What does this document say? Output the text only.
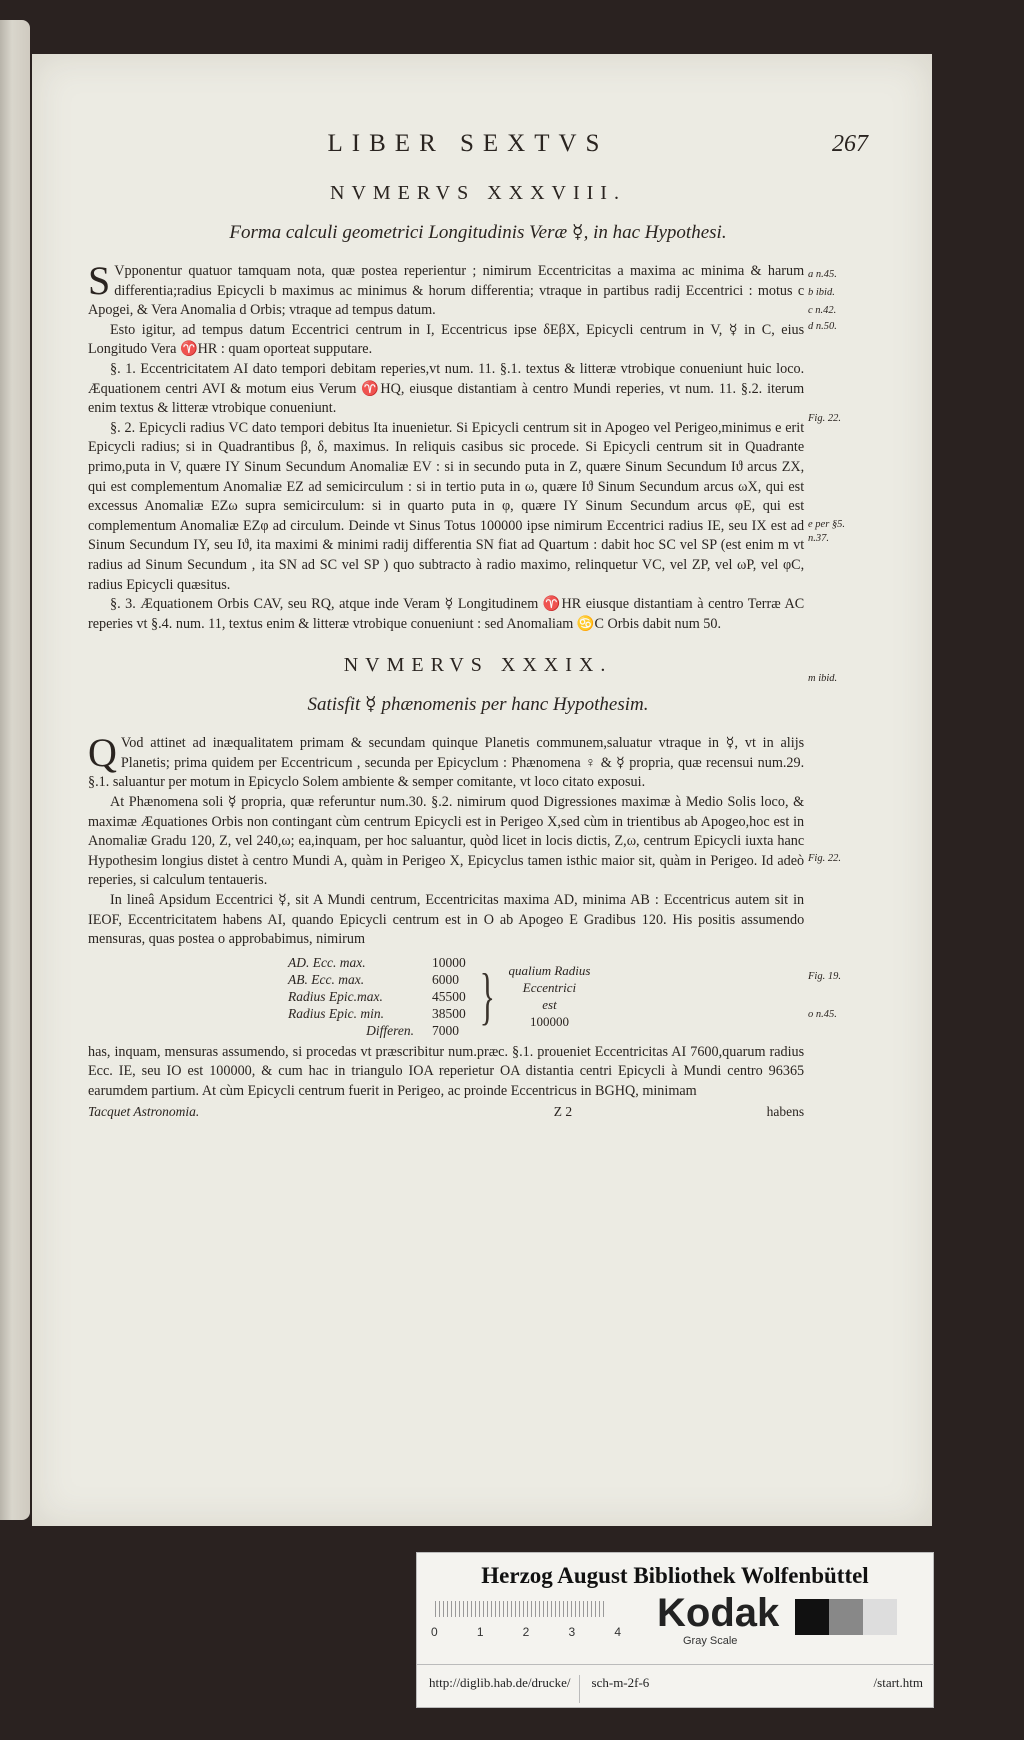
LIBER SEXTVS	267
NVMERVS XXXVIII.
Forma calculi geometrici Longitudinis Veræ ☿, in hac Hypothesi.

S Vpponentur quatuor tamquam nota, quæ postea reperientur ; nimirum Eccentricitas a maxima ac minima & harum differentia;radius Epicycli b maximus ac minimus & horum differentia; vtraque in partibus radij Eccentrici : motus c Apogei, & Vera Anomalia d Orbis; vtraque ad tempus datum.

Esto igitur, ad tempus datum Eccentrici centrum in I, Eccentricus ipse δEβX, Epicycli centrum in V, ☿ in C, eius Longitudo Vera ♈HR : quam oporteat supputare.

§. 1. Eccentricitatem AI dato tempori debitam reperies,vt num. 11. §.1. textus & litteræ vtrobique conueniunt huic loco. Æquationem centri AVI & motum eius Verum ♈HQ, eiusque distantiam à centro Mundi reperies, vt num. 11. §.2. iterum enim textus & litteræ vtrobique conueniunt.

§. 2. Epicycli radius VC dato tempori debitus Ita inuenietur. Si Epicycli centrum sit in Apogeo vel Perigeo,minimus e erit Epicycli radius; si in Quadrantibus β, δ, maximus. In reliquis casibus sic procede. Si Epicycli centrum sit in Quadrante primo,puta in V, quære IY Sinum Secundum Anomaliæ EV : si in secundo puta in Z, quære Sinum Secundum Iϑ arcus ZX, qui est complementum Anomaliæ EZ ad semicirculum : si in tertio puta in ω, quære Iϑ Sinum Secundum arcus ωX, qui est excessus Anomaliæ EZω supra semicirculum: si in quarto puta in φ, quære IY Sinum Secundum arcus φE, qui est complementum Anomaliæ EZφ ad circulum. Deinde vt Sinus Totus 100000 ipse nimirum Eccentrici radius IE, seu IX est ad Sinum Secundum IY, seu Iϑ, ita maximi & minimi radij differentia SN fiat ad Quartum : dabit hoc SC vel SP (est enim m vt radius ad Sinum Secundum , ita SN ad SC vel SP ) quo subtracto à radio maximo, relinquetur VC, vel ZP, vel ωP, vel φC, radius Epicycli quæsitus.

§. 3. Æquationem Orbis CAV, seu RQ, atque inde Veram ☿ Longitudinem ♈HR eiusque distantiam à centro Terræ AC reperies vt §.4. num. 11, textus enim & litteræ vtrobique conueniunt : sed Anomaliam ♋C Orbis dabit num 50.

a n.45.
b ibid.
c n.42.
d n.50.
Fig. 22.
e per §5. n.37.
m ibid.
NVMERVS XXXIX.
Satisfit ☿ phænomenis per hanc Hypothesim.

Q Vod attinet ad inæqualitatem primam & secundam quinque Planetis communem,saluatur vtraque in ☿, vt in alijs Planetis; prima quidem per Eccentricum , secunda per Epicyclum : Phænomena ♀ & ☿ propria, quæ recensui num.29. §.1. saluantur per motum in Epicyclo Solem ambiente & semper comitante, vt loco citato exposui.

At Phænomena soli ☿ propria, quæ referuntur num.30. §.2. nimirum quod Digressiones maximæ à Medio Solis loco, & maximæ Æquationes Orbis non contingant cùm centrum Epicycli est in Perigeo X,sed cùm in trientibus ab Apogeo,hoc est in Anomaliæ Gradu 120, Z, vel 240,ω; ea,inquam, per hoc saluantur, quòd licet in locis dictis, Z,ω, centrum Epicycli iuxta hanc Hypothesim longius distet à centro Mundi A, quàm in Perigeo X, Epicyclus tamen isthic maior sit, quàm in Perigeo. Id adeò reperies, si calculum tentaueris.

In lineâ Apsidum Eccentrici ☿, sit A Mundi centrum, Eccentricitas maxima AD, minima AB : Eccentricus autem sit in IEOF, Eccentricitatem habens AI, quando Epicycli centrum est in O ab Apogeo E Gradibus 120. His positis assumendo mensuras, quas postea o approbabimus, nimirum

AD. Ecc. max.	10000
AB. Ecc. max.	6000
Radius Epic.max.	45500
Radius Epic. min.	38500
Differen.	7000 } qualium Radius
Eccentrici
est
100000

has, inquam, mensuras assumendo, si procedas vt præscribitur num.præc. §.1. proueniet Eccentricitas AI 7600,quarum radius Ecc. IE, seu IO est 100000, & cum hac in triangulo IOA reperietur OA distantia centri Epicycli à Mundi centro 96365 earumdem partium. At cùm Epicycli centrum fuerit in Perigeo, ac proinde Eccentricus in BGHQ, minimam

Tacquet Astronomia.	Z 2	habens
Fig. 22.
Fig. 19.
o n.45.
Herzog August Bibliothek Wolfenbüttel
0	1	2	3	4 Kodak
Gray Scale
http://diglib.hab.de/drucke/	sch-m-2f-6	/start.htm
